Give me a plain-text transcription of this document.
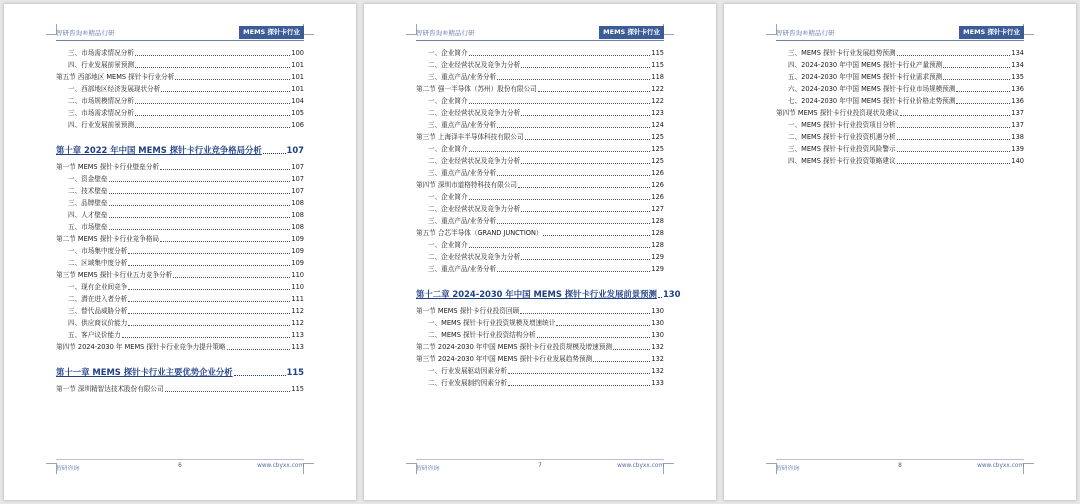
智研咨询®精品行研	MEMS 探针卡行业
三、市场需求情况分析	100
四、行业发展前景预测	101
第五节 西部地区 MEMS 探针卡行业分析	101
一、西部地区经济发展现状分析	101
二、市场规模情况分析	104
三、市场需求情况分析	105
四、行业发展前景预测	106
第十章 2022 年中国 MEMS 探针卡行业竞争格局分析	107
第一节 MEMS 探针卡行业壁垒分析	107
一、资金壁垒	107
二、技术壁垒	107
三、品牌壁垒	108
四、人才壁垒	108
五、市场壁垒	108
第二节 MEMS 探针卡行业竞争格局	109
一、市场集中度分析	109
二、区域集中度分析	109
第三节 MEMS 探针卡行业五力竞争分析	110
一、现有企业间竞争	110
二、潜在进入者分析	111
三、替代品威胁分析	112
四、供应商议价能力	112
五、客户议价能力	113
第四节 2024-2030 年 MEMS 探针卡行业竞争力提升策略	113
第十一章 MEMS 探针卡行业主要优势企业分析	115
第一节 深圳精智达技术股份有限公司	115
智研咨询	6	www.cbyxx.com
智研咨询®精品行研	MEMS 探针卡行业
一、企业简介	115
二、企业经营状况及竞争力分析	115
三、重点产品/业务分析	118
第二节 强一半导体（苏州）股份有限公司	122
一、企业简介	122
二、企业经营状况及竞争力分析	123
三、重点产品/业务分析	124
第三节 上海泽丰半导体科技有限公司	125
一、企业简介	125
二、企业经营状况及竞争力分析	125
三、重点产品/业务分析	126
第四节 深圳市道格特科技有限公司	126
一、企业简介	126
二、企业经营状况及竞争力分析	127
三、重点产品/业务分析	128
第五节 合芯半导体（GRAND JUNCTION）	128
一、企业简介	128
二、企业经营状况及竞争力分析	129
三、重点产品/业务分析	129
第十二章 2024-2030 年中国 MEMS 探针卡行业发展前景预测 130
第一节 MEMS 探针卡行业投资回顾	130
一、MEMS 探针卡行业投资规模及增速统计	130
二、MEMS 探针卡行业投资结构分析	130
第二节 2024-2030 年中国 MEMS 探针卡行业投资规模及增速预测	132
第三节 2024-2030 年中国 MEMS 探针卡行业发展趋势预测	132
一、行业发展驱动因素分析	132
二、行业发展制约因素分析	133
智研咨询	7	www.cbyxx.com
智研咨询®精品行研	MEMS 探针卡行业
三、MEMS 探针卡行业发展趋势预测	134
四、2024-2030 年中国 MEMS 探针卡行业产量预测	134
五、2024-2030 年中国 MEMS 探针卡行业需求预测	135
六、2024-2030 年中国 MEMS 探针卡行业市场规模预测	136
七、2024-2030 年中国 MEMS 探针卡行业价格走势预测	136
第四节 MEMS 探针卡行业投资现状及建议	137
一、MEMS 探针卡行业投资项目分析	137
二、MEMS 探针卡行业投资机遇分析	138
三、MEMS 探针卡行业投资风险警示	139
四、MEMS 探针卡行业投资策略建议	140
智研咨询	8	www.cbyxx.com
